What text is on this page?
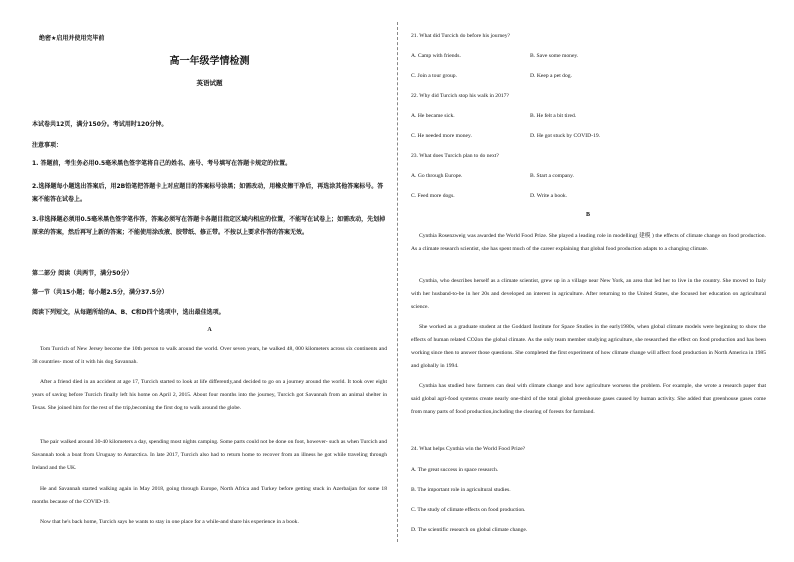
绝密★启用并使用完毕前
高一年级学情检测
英语试题
本试卷共12页，满分150分。考试用时120分钟。
注意事项：
1. 答题前，考生务必用0.5毫米黑色签字笔将自己的姓名、座号、考号填写在答题卡规定的位置。
2.选择题每小题选出答案后，用2B铅笔把答题卡上对应题目的答案标号涂黑；如需改动，用橡皮擦干净后，再选涂其他答案标号。答案不能答在试卷上。
3.非选择题必须用0.5毫米黑色签字笔作答，答案必须写在答题卡各题目指定区域内相应的位置，不能写在试卷上；如需改动，先划掉原来的答案，然后再写上新的答案；不能使用涂改液、胶带纸、修正带。不按以上要求作答的答案无效。
第二部分 阅读（共两节，满分50分）
第一节（共15小题；每小题2.5分，满分37.5分）
阅读下列短文，从每题所给的A、B、C和D四个选项中，选出最佳选项。
A
Tom Turcich of New Jersey become the 10th person to walk around the world. Over seven years, he walked 48, 000 kilometers across six continents and 38 countries- most of it with his dog Savannah.
After a friend died in an accident at age 17, Turcich started to look at life differently,and decided to go on a journey around the world. It took over eight years of saving before Turcich finally left his home on April 2, 2015. About four months into the journey, Turcich got Savannah from an animal shelter in Texas. She joined him for the rest of the trip,becoming the first dog to walk around the globe.
The pair walked around 30-40 kilometers a day, spending most nights camping. Some parts could not be done on foot, however- such as when Turcich and Savannah took a boat from Uruguay to Antarctica. In late 2017, Turcich also had to return home to recover from an illness he got while traveling through Ireland and the UK.
He and Savannah started walking again in May 2018, going through Europe, North Africa and Turkey before getting stuck in Azerbaijan for some 18 months because of the COVID-19.
Now that he's back home, Turcich says he wants to stay in one place for a while-and share his experience in a book.
21. What did Turcich do before his journey?
A. Camp with friends.	B. Save some money.
C. Join a tour group.	D. Keep a pet dog.
22. Why did Turcich stop his walk in 2017?
A. He became sick.	B. He felt a bit tired.
C. He needed more money.	D. He got stuck by COVID-19.
23. What does Turcich plan to do next?
A. Go through Europe.	B. Start a company.
C. Feed more dogs.	D. Write a book.
B
Cynthia Rosenzweig was awarded the World Food Prize. She played a leading role in modelling( 建模 ) the effects of climate change on food production. As a climate research scientist, she has spent much of the career explaining that global food production adapts to a changing climate.
Cynthia, who describes herself as a climate scientist, grew up in a village near New York, an area that led her to live in the country. She moved to Italy with her husband-to-be in her 20s and developed an interest in agriculture. After returning to the United States, she focused her education on agricultural science.
She worked as a graduate student at the Goddard Institute for Space Studies in the early1980s, when global climate models were beginning to show the effects of human related CO2on the global climate. As the only team member studying agriculture, she researched the effect on food production and has been working since then to answer those questions. She completed the first experiment of how climate change will affect food production in North America in 1985 and globally in 1994.
Cynthia has studied how farmers can deal with climate change and how agriculture worsens the problem. For example, she wrote a research paper that said global agri-food systems create nearly one-third of the total global greenhouse gases caused by human activity. She added that greenhouse gases come from many parts of food production,including the clearing of forests for farmland.
24. What helps Cynthia win the World Food Prize?
A. The great success in space research.
B. The important role in agricultural studies.
C. The study of climate effects on food production.
D. The scientific research on global climate change.
